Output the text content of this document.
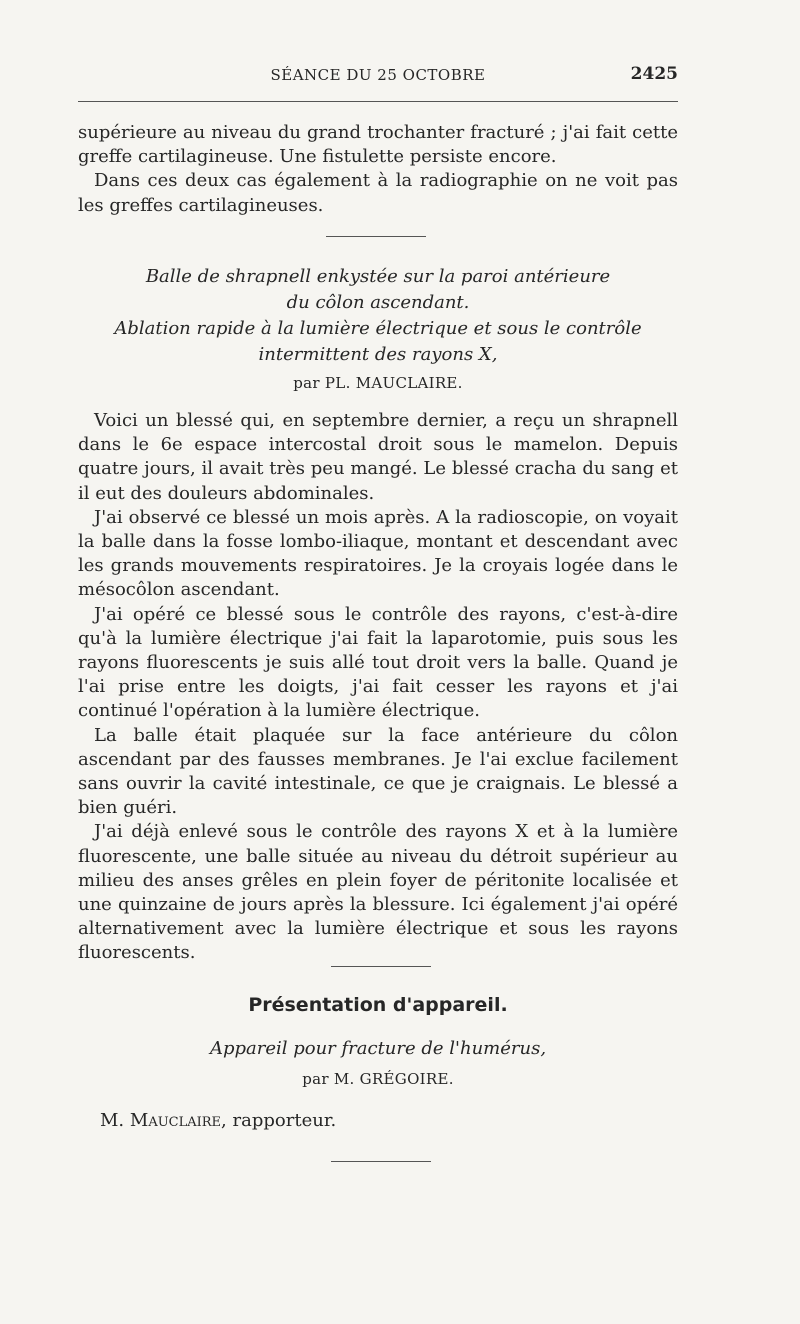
SÉANCE DU 25 OCTOBRE	2425

supérieure au niveau du grand trochanter fracturé ; j'ai fait cette greffe cartilagineuse. Une fistulette persiste encore.

Dans ces deux cas également à la radiographie on ne voit pas les greffes cartilagineuses.

Balle de shrapnell enkystée sur la paroi antérieure
du côlon ascendant.
Ablation rapide à la lumière électrique et sous le contrôle
intermittent des rayons X,
par PL. MAUCLAIRE.

Voici un blessé qui, en septembre dernier, a reçu un shrapnell dans le 6e espace intercostal droit sous le mamelon. Depuis quatre jours, il avait très peu mangé. Le blessé cracha du sang et il eut des douleurs abdominales.

J'ai observé ce blessé un mois après. A la radioscopie, on voyait la balle dans la fosse lombo-iliaque, montant et descendant avec les grands mouvements respiratoires. Je la croyais logée dans le mésocôlon ascendant.

J'ai opéré ce blessé sous le contrôle des rayons, c'est-à-dire qu'à la lumière électrique j'ai fait la laparotomie, puis sous les rayons fluorescents je suis allé tout droit vers la balle. Quand je l'ai prise entre les doigts, j'ai fait cesser les rayons et j'ai continué l'opération à la lumière électrique.

La balle était plaquée sur la face antérieure du côlon ascendant par des fausses membranes. Je l'ai exclue facilement sans ouvrir la cavité intestinale, ce que je craignais. Le blessé a bien guéri.

J'ai déjà enlevé sous le contrôle des rayons X et à la lumière fluorescente, une balle située au niveau du détroit supérieur au milieu des anses grêles en plein foyer de péritonite localisée et une quinzaine de jours après la blessure. Ici également j'ai opéré alternativement avec la lumière électrique et sous les rayons fluorescents.

Présentation d'appareil.
Appareil pour fracture de l'humérus,
par M. GRÉGOIRE.
M. Mauclaire, rapporteur.
